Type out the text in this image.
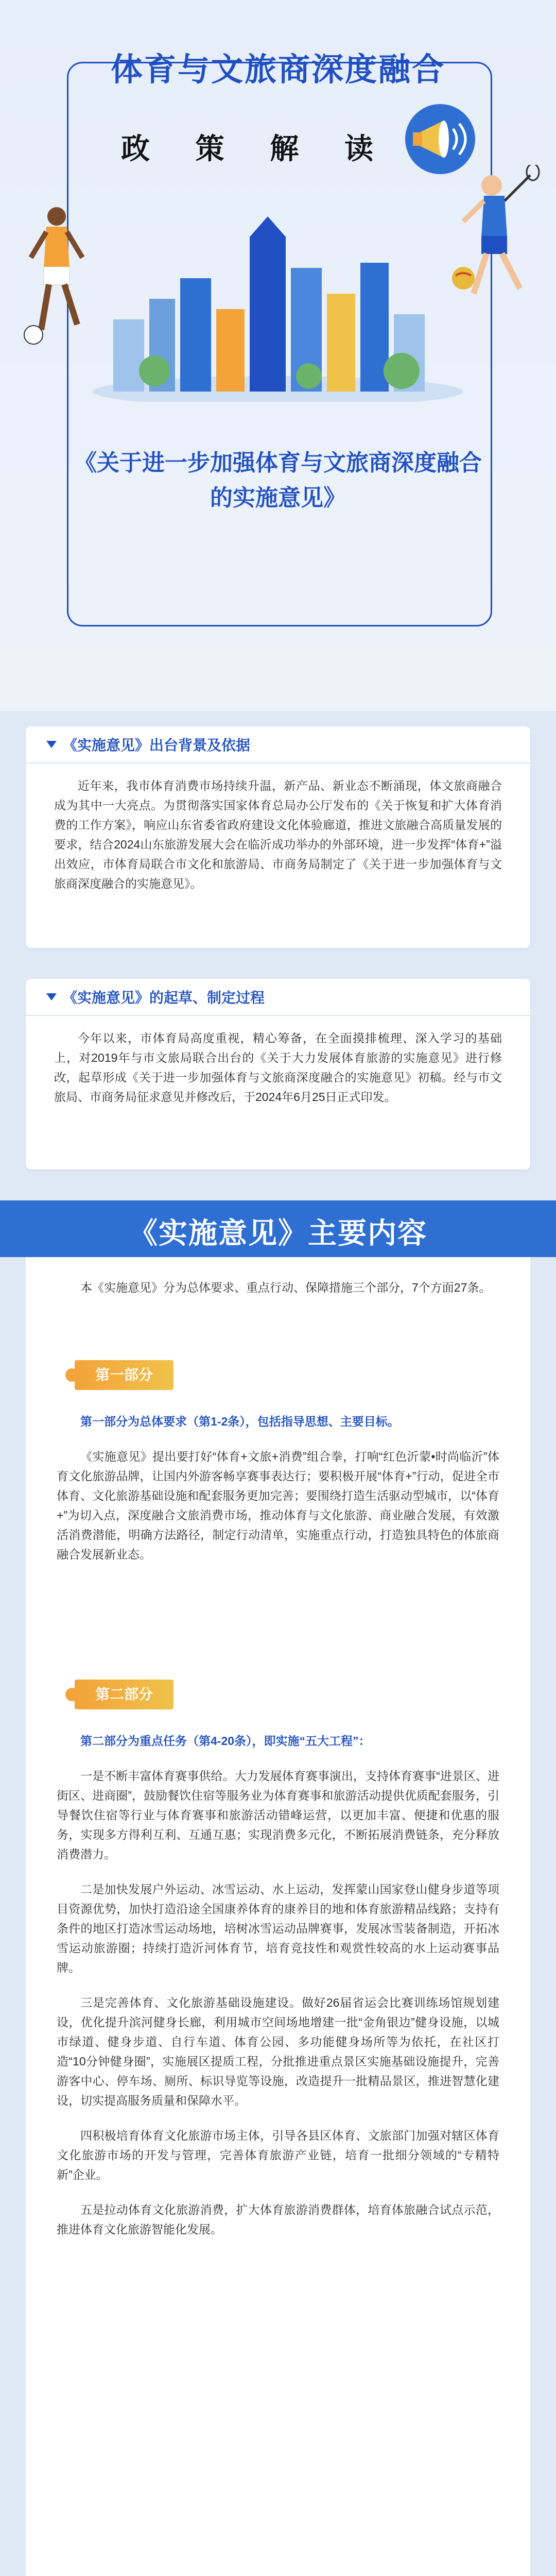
体育与文旅商深度融合
政 策 解 读
《关于进一步加强体育与文旅商深度融合的实施意见》
《实施意见》出台背景及依据
近年来，我市体育消费市场持续升温，新产品、新业态不断涌现，体文旅商融合成为其中一大亮点。为贯彻落实国家体育总局办公厅发布的《关于恢复和扩大体育消费的工作方案》，响应山东省委省政府建设文化体验廊道，推进文旅融合高质量发展的要求，结合2024山东旅游发展大会在临沂成功举办的外部环境，进一步发挥“体育+”溢出效应，市体育局联合市文化和旅游局、市商务局制定了《关于进一步加强体育与文旅商深度融合的实施意见》。
《实施意见》的起草、制定过程
今年以来，市体育局高度重视，精心筹备，在全面摸排梳理、深入学习的基础上，对2019年与市文旅局联合出台的《关于大力发展体育旅游的实施意见》进行修改，起草形成《关于进一步加强体育与文旅商深度融合的实施意见》初稿。经与市文旅局、市商务局征求意见并修改后，于2024年6月25日正式印发。
《实施意见》主要内容

本《实施意见》分为总体要求、重点行动、保障措施三个部分，7个方面27条。

第一部分

第一部分为总体要求（第1-2条），包括指导思想、主要目标。

《实施意见》提出要打好“体育+文旅+消费”组合拳，打响“红色沂蒙•时尚临沂”体育文化旅游品牌，让国内外游客畅享赛事表达行；要积极开展“体育+”行动，促进全市体育、文化旅游基础设施和配套服务更加完善；要围绕打造生活驱动型城市，以“体育+”为切入点，深度融合文旅消费市场，推动体育与文化旅游、商业融合发展，有效激活消费潜能，明确方法路径，制定行动清单，实施重点行动，打造独具特色的体旅商融合发展新业态。

第二部分

第二部分为重点任务（第4-20条），即实施“五大工程”：

一是不断丰富体育赛事供给。大力发展体育赛事演出，支持体育赛事“进景区、进街区、进商圈”，鼓励餐饮住宿等服务业为体育赛事和旅游活动提供优质配套服务，引导餐饮住宿等行业与体育赛事和旅游活动错峰运营，以更加丰富、便捷和优惠的服务，实现多方得利互利、互通互惠；实现消费多元化，不断拓展消费链条，充分释放消费潜力。

二是加快发展户外运动、冰雪运动、水上运动，发挥蒙山国家登山健身步道等项目资源优势，加快打造沿途全国康养体育的康养目的地和体育旅游精品线路；支持有条件的地区打造冰雪运动场地，培树冰雪运动品牌赛事，发展冰雪装备制造，开拓冰雪运动旅游圈；持续打造沂河体育节，培育竞技性和观赏性较高的水上运动赛事品牌。

三是完善体育、文化旅游基础设施建设。做好26届省运会比赛训练场馆规划建设，优化提升滨河健身长廊，利用城市空间场地增建一批“金角银边”健身设施，以城市绿道、健身步道、自行车道、体育公园、多功能健身场所等为依托，在社区打造“10分钟健身圈”，实施展区提质工程，分批推进重点景区实施基础设施提升，完善游客中心、停车场、厕所、标识导览等设施，改造提升一批精品景区，推进智慧化建设，切实提高服务质量和保障水平。

四积极培育体育文化旅游市场主体，引导各县区体育、文旅部门加强对辖区体育文化旅游市场的开发与管理，完善体育旅游产业链，培育一批细分领域的“专精特新”企业。

五是拉动体育文化旅游消费，扩大体育旅游消费群体，培育体旅融合试点示范，推进体育文化旅游智能化发展。
